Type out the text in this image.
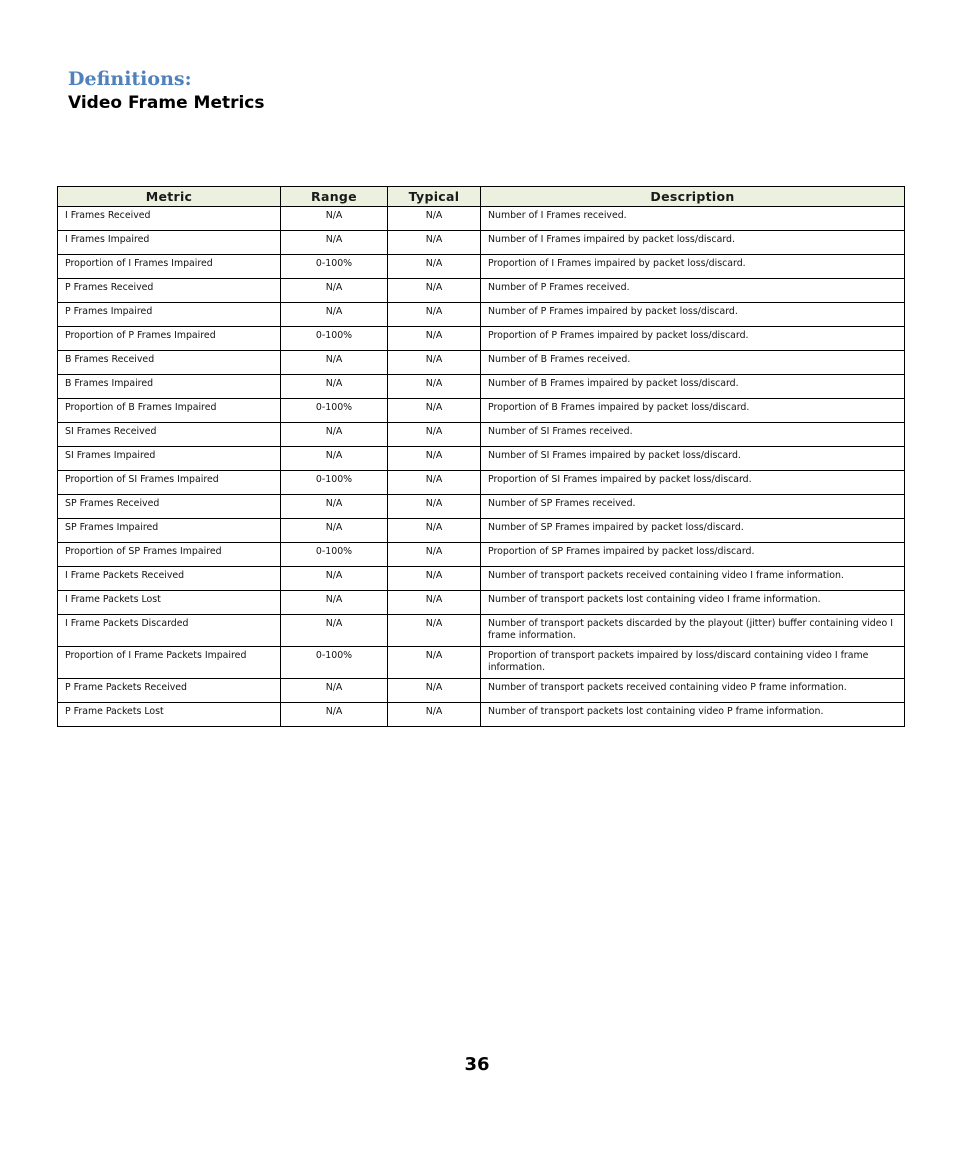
Definitions:
Video Frame Metrics
Metric	Range	Typical	Description
I Frames Received	N/A	N/A	Number of I Frames received.
I Frames Impaired	N/A	N/A	Number of I Frames impaired by packet loss/discard.
Proportion of I Frames Impaired	0-100%	N/A	Proportion of I Frames impaired by packet loss/discard.
P Frames Received	N/A	N/A	Number of P Frames received.
P Frames Impaired	N/A	N/A	Number of P Frames impaired by packet loss/discard.
Proportion of P Frames Impaired	0-100%	N/A	Proportion of P Frames impaired by packet loss/discard.
B Frames Received	N/A	N/A	Number of B Frames received.
B Frames Impaired	N/A	N/A	Number of B Frames impaired by packet loss/discard.
Proportion of B Frames Impaired	0-100%	N/A	Proportion of B Frames impaired by packet loss/discard.
SI Frames Received	N/A	N/A	Number of SI Frames received.
SI Frames Impaired	N/A	N/A	Number of SI Frames impaired by packet loss/discard.
Proportion of SI Frames Impaired	0-100%	N/A	Proportion of SI Frames impaired by packet loss/discard.
SP Frames Received	N/A	N/A	Number of SP Frames received.
SP Frames Impaired	N/A	N/A	Number of SP Frames impaired by packet loss/discard.
Proportion of SP Frames Impaired	0-100%	N/A	Proportion of SP Frames impaired by packet loss/discard.
I Frame Packets Received	N/A	N/A	Number of transport packets received containing video I frame information.
I Frame Packets Lost	N/A	N/A	Number of transport packets lost containing video I frame information.
I Frame Packets Discarded	N/A	N/A	Number of transport packets discarded by the playout (jitter) buffer containing video I frame information.
Proportion of I Frame Packets Impaired	0-100%	N/A	Proportion of transport packets impaired by loss/discard containing video I frame information.
P Frame Packets Received	N/A	N/A	Number of transport packets received containing video P frame information.
P Frame Packets Lost	N/A	N/A	Number of transport packets lost containing video P frame information.
36
